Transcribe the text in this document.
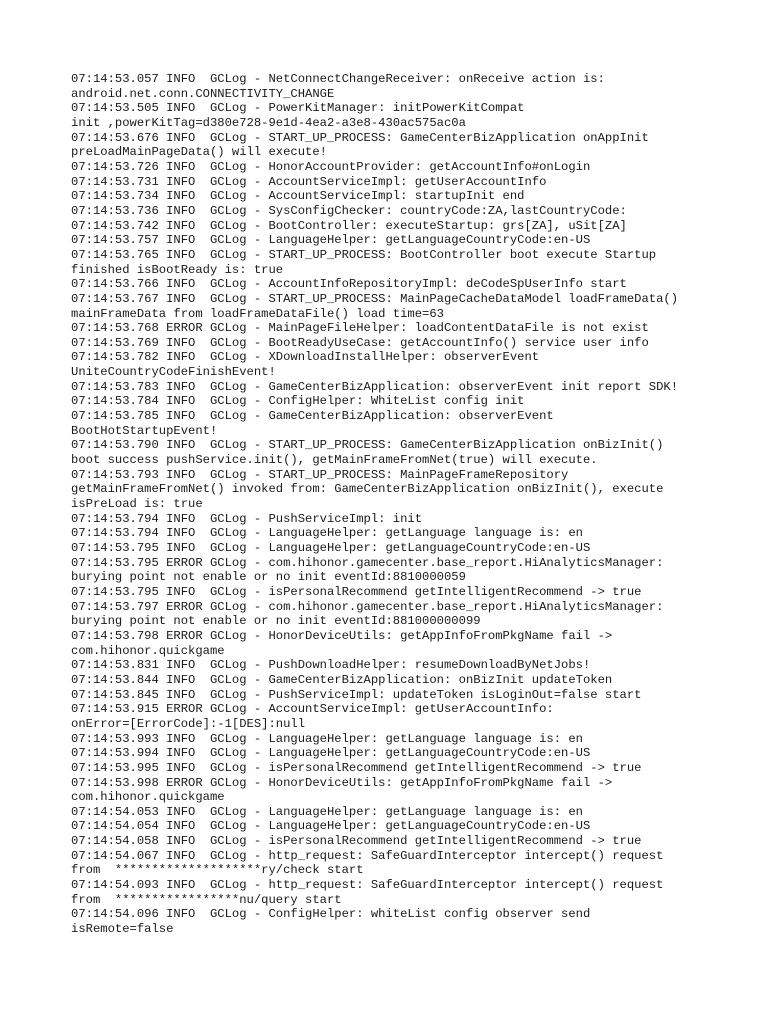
07:14:53.057 INFO  GCLog - NetConnectChangeReceiver: onReceive action is:
android.net.conn.CONNECTIVITY_CHANGE
07:14:53.505 INFO  GCLog - PowerKitManager: initPowerKitCompat
init ,powerKitTag=d380e728-9e1d-4ea2-a3e8-430ac575ac0a
07:14:53.676 INFO  GCLog - START_UP_PROCESS: GameCenterBizApplication onAppInit
preLoadMainPageData() will execute!
07:14:53.726 INFO  GCLog - HonorAccountProvider: getAccountInfo#onLogin
07:14:53.731 INFO  GCLog - AccountServiceImpl: getUserAccountInfo
07:14:53.734 INFO  GCLog - AccountServiceImpl: startupInit end
07:14:53.736 INFO  GCLog - SysConfigChecker: countryCode:ZA,lastCountryCode:
07:14:53.742 INFO  GCLog - BootController: executeStartup: grs[ZA], uSit[ZA]
07:14:53.757 INFO  GCLog - LanguageHelper: getLanguageCountryCode:en-US
07:14:53.765 INFO  GCLog - START_UP_PROCESS: BootController boot execute Startup
finished isBootReady is: true
07:14:53.766 INFO  GCLog - AccountInfoRepositoryImpl: deCodeSpUserInfo start
07:14:53.767 INFO  GCLog - START_UP_PROCESS: MainPageCacheDataModel loadFrameData()
mainFrameData from loadFrameDataFile() load time=63
07:14:53.768 ERROR GCLog - MainPageFileHelper: loadContentDataFile is not exist
07:14:53.769 INFO  GCLog - BootReadyUseCase: getAccountInfo() service user info
07:14:53.782 INFO  GCLog - XDownloadInstallHelper: observerEvent
UniteCountryCodeFinishEvent!
07:14:53.783 INFO  GCLog - GameCenterBizApplication: observerEvent init report SDK!
07:14:53.784 INFO  GCLog - ConfigHelper: WhiteList config init
07:14:53.785 INFO  GCLog - GameCenterBizApplication: observerEvent
BootHotStartupEvent!
07:14:53.790 INFO  GCLog - START_UP_PROCESS: GameCenterBizApplication onBizInit()
boot success pushService.init(), getMainFrameFromNet(true) will execute.
07:14:53.793 INFO  GCLog - START_UP_PROCESS: MainPageFrameRepository
getMainFrameFromNet() invoked from: GameCenterBizApplication onBizInit(), execute
isPreLoad is: true
07:14:53.794 INFO  GCLog - PushServiceImpl: init
07:14:53.794 INFO  GCLog - LanguageHelper: getLanguage language is: en
07:14:53.795 INFO  GCLog - LanguageHelper: getLanguageCountryCode:en-US
07:14:53.795 ERROR GCLog - com.hihonor.gamecenter.base_report.HiAnalyticsManager:
burying point not enable or no init eventId:8810000059
07:14:53.795 INFO  GCLog - isPersonalRecommend getIntelligentRecommend -> true
07:14:53.797 ERROR GCLog - com.hihonor.gamecenter.base_report.HiAnalyticsManager:
burying point not enable or no init eventId:881000000099
07:14:53.798 ERROR GCLog - HonorDeviceUtils: getAppInfoFromPkgName fail ->
com.hihonor.quickgame
07:14:53.831 INFO  GCLog - PushDownloadHelper: resumeDownloadByNetJobs!
07:14:53.844 INFO  GCLog - GameCenterBizApplication: onBizInit updateToken
07:14:53.845 INFO  GCLog - PushServiceImpl: updateToken isLoginOut=false start
07:14:53.915 ERROR GCLog - AccountServiceImpl: getUserAccountInfo:
onError=[ErrorCode]:-1[DES]:null
07:14:53.993 INFO  GCLog - LanguageHelper: getLanguage language is: en
07:14:53.994 INFO  GCLog - LanguageHelper: getLanguageCountryCode:en-US
07:14:53.995 INFO  GCLog - isPersonalRecommend getIntelligentRecommend -> true
07:14:53.998 ERROR GCLog - HonorDeviceUtils: getAppInfoFromPkgName fail ->
com.hihonor.quickgame
07:14:54.053 INFO  GCLog - LanguageHelper: getLanguage language is: en
07:14:54.054 INFO  GCLog - LanguageHelper: getLanguageCountryCode:en-US
07:14:54.058 INFO  GCLog - isPersonalRecommend getIntelligentRecommend -> true
07:14:54.067 INFO  GCLog - http_request: SafeGuardInterceptor intercept() request
from  ********************ry/check start
07:14:54.093 INFO  GCLog - http_request: SafeGuardInterceptor intercept() request
from  *****************nu/query start
07:14:54.096 INFO  GCLog - ConfigHelper: whiteList config observer send
isRemote=false
